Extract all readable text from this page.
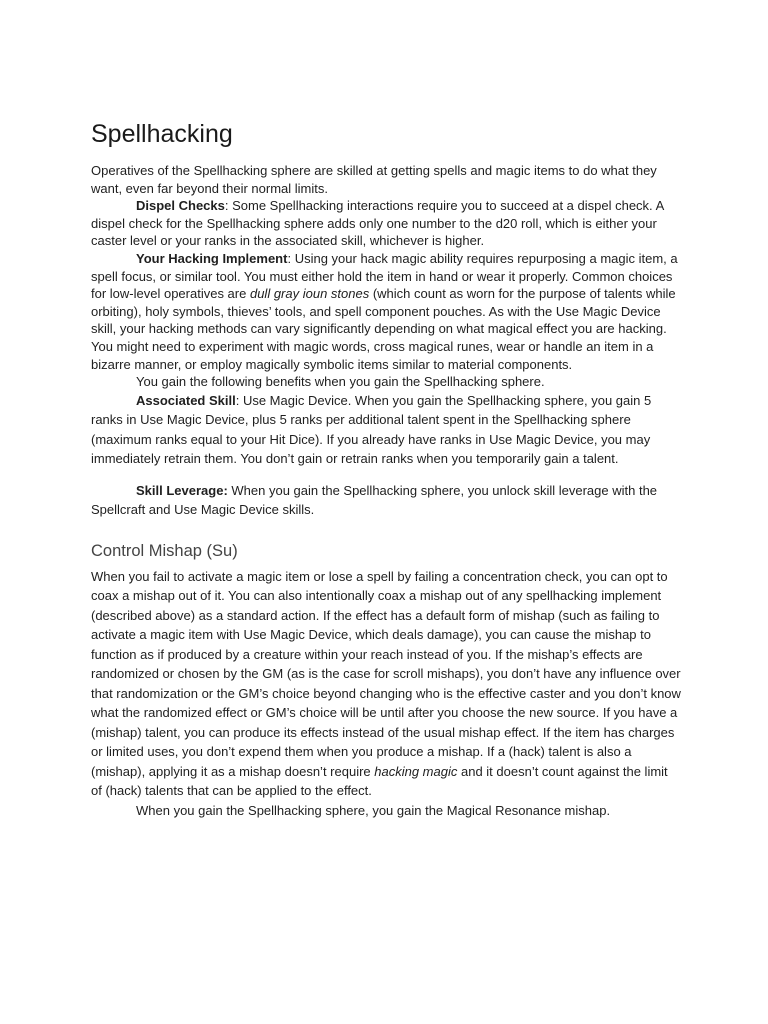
Spellhacking

Operatives of the Spellhacking sphere are skilled at getting spells and magic items to do what they want, even far beyond their normal limits.

Dispel Checks: Some Spellhacking interactions require you to succeed at a dispel check. A dispel check for the Spellhacking sphere adds only one number to the d20 roll, which is either your caster level or your ranks in the associated skill, whichever is higher.

Your Hacking Implement: Using your hack magic ability requires repurposing a magic item, a spell focus, or similar tool. You must either hold the item in hand or wear it properly. Common choices for low-level operatives are dull gray ioun stones (which count as worn for the purpose of talents while orbiting), holy symbols, thieves’ tools, and spell component pouches. As with the Use Magic Device skill, your hacking methods can vary significantly depending on what magical effect you are hacking. You might need to experiment with magic words, cross magical runes, wear or handle an item in a bizarre manner, or employ magically symbolic items similar to material components.

You gain the following benefits when you gain the Spellhacking sphere.

Associated Skill: Use Magic Device. When you gain the Spellhacking sphere, you gain 5 ranks in Use Magic Device, plus 5 ranks per additional talent spent in the Spellhacking sphere (maximum ranks equal to your Hit Dice). If you already have ranks in Use Magic Device, you may immediately retrain them. You don’t gain or retrain ranks when you temporarily gain a talent.

Skill Leverage: When you gain the Spellhacking sphere, you unlock skill leverage with the Spellcraft and Use Magic Device skills.

Control Mishap (Su)

When you fail to activate a magic item or lose a spell by failing a concentration check, you can opt to coax a mishap out of it. You can also intentionally coax a mishap out of any spellhacking implement (described above) as a standard action. If the effect has a default form of mishap (such as failing to activate a magic item with Use Magic Device, which deals damage), you can cause the mishap to function as if produced by a creature within your reach instead of you. If the mishap’s effects are randomized or chosen by the GM (as is the case for scroll mishaps), you don’t have any influence over that randomization or the GM’s choice beyond changing who is the effective caster and you don’t know what the randomized effect or GM’s choice will be until after you choose the new source. If you have a (mishap) talent, you can produce its effects instead of the usual mishap effect. If the item has charges or limited uses, you don’t expend them when you produce a mishap. If a (hack) talent is also a (mishap), applying it as a mishap doesn’t require hacking magic and it doesn’t count against the limit of (hack) talents that can be applied to the effect.

When you gain the Spellhacking sphere, you gain the Magical Resonance mishap.
